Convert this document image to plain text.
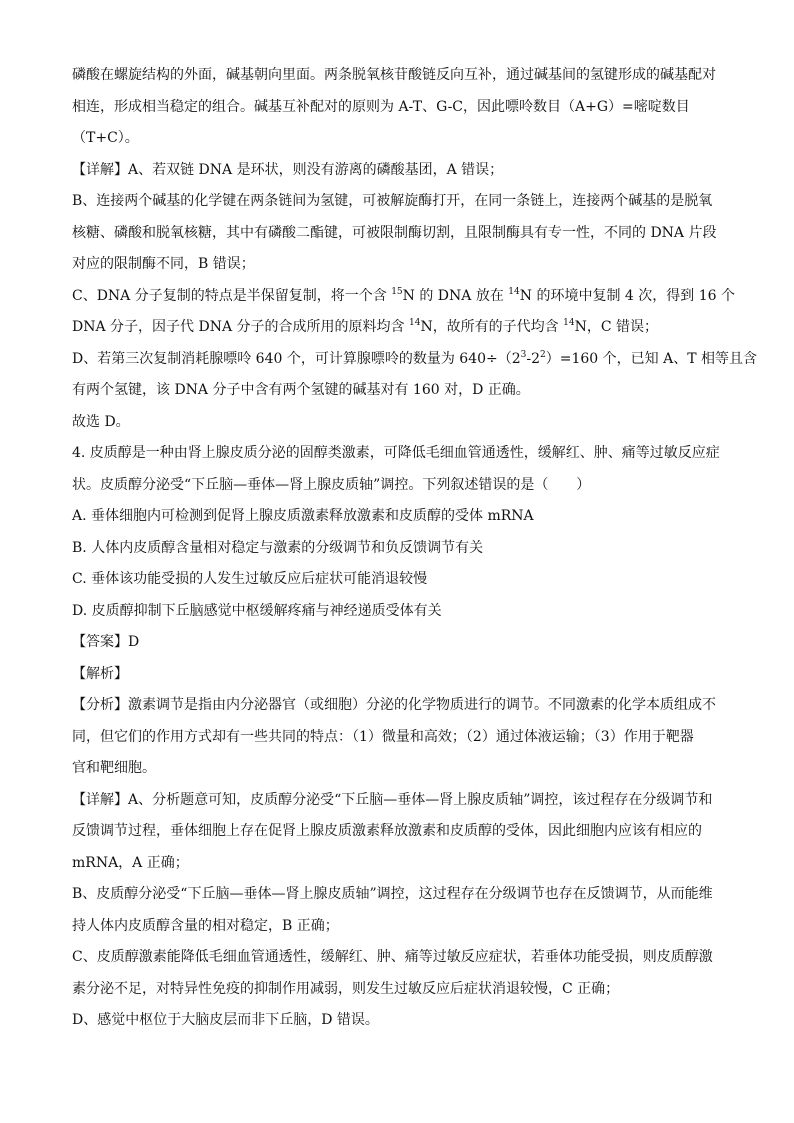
磷酸在螺旋结构的外面，碱基朝向里面。两条脱氧核苷酸链反向互补，通过碱基间的氢键形成的碱基配对
相连，形成相当稳定的组合。碱基互补配对的原则为 A-T、G-C，因此嘌呤数目（A+G）=嘧啶数目
（T+C）。
【详解】A、若双链 DNA 是环状，则没有游离的磷酸基团，A 错误；
B、连接两个碱基的化学键在两条链间为氢键，可被解旋酶打开，在同一条链上，连接两个碱基的是脱氧
核糖、磷酸和脱氧核糖，其中有磷酸二酯键，可被限制酶切割，且限制酶具有专一性，不同的 DNA 片段
对应的限制酶不同，B 错误；
C、DNA 分子复制的特点是半保留复制，将一个含 $^{15}$N 的 DNA 放在 $^{14}$N 的环境中复制 4 次，得到 16 个
DNA 分子，因子代 DNA 分子的合成所用的原料均含 $^{14}$N，故所有的子代均含 $^{14}$N，C 错误；
D、若第三次复制消耗腺嘌呤 640 个，可计算腺嘌呤的数量为 $640\div(2^3-2^2)=160$ 个，已知 A、T 相等且含
有两个氢键，该 DNA 分子中含有两个氢键的碱基对有 160 对，D 正确。
故选 D。
4. 皮质醇是一种由肾上腺皮质分泌的固醇类激素，可降低毛细血管通透性，缓解红、肿、痛等过敏反应症
状。皮质醇分泌受“下丘脑—垂体—肾上腺皮质轴”调控。下列叙述错误的是（　　）
A. 垂体细胞内可检测到促肾上腺皮质激素释放激素和皮质醇的受体 mRNA
B. 人体内皮质醇含量相对稳定与激素的分级调节和负反馈调节有关
C. 垂体该功能受损的人发生过敏反应后症状可能消退较慢
D. 皮质醇抑制下丘脑感觉中枢缓解疼痛与神经递质受体有关
【答案】D
【解析】
【分析】激素调节是指由内分泌器官（或细胞）分泌的化学物质进行的调节。不同激素的化学本质组成不
同，但它们的作用方式却有一些共同的特点：（1）微量和高效；（2）通过体液运输；（3）作用于靶器
官和靶细胞。
【详解】A、分析题意可知，皮质醇分泌受“下丘脑—垂体—肾上腺皮质轴”调控，该过程存在分级调节和
反馈调节过程，垂体细胞上存在促肾上腺皮质激素释放激素和皮质醇的受体，因此细胞内应该有相应的
mRNA，A 正确；
B、皮质醇分泌受“下丘脑—垂体—肾上腺皮质轴”调控，这过程存在分级调节也存在反馈调节，从而能维
持人体内皮质醇含量的相对稳定，B 正确；
C、皮质醇激素能降低毛细血管通透性，缓解红、肿、痛等过敏反应症状，若垂体功能受损，则皮质醇激
素分泌不足，对特异性免疫的抑制作用减弱，则发生过敏反应后症状消退较慢，C 正确；
D、感觉中枢位于大脑皮层而非下丘脑，D 错误。
